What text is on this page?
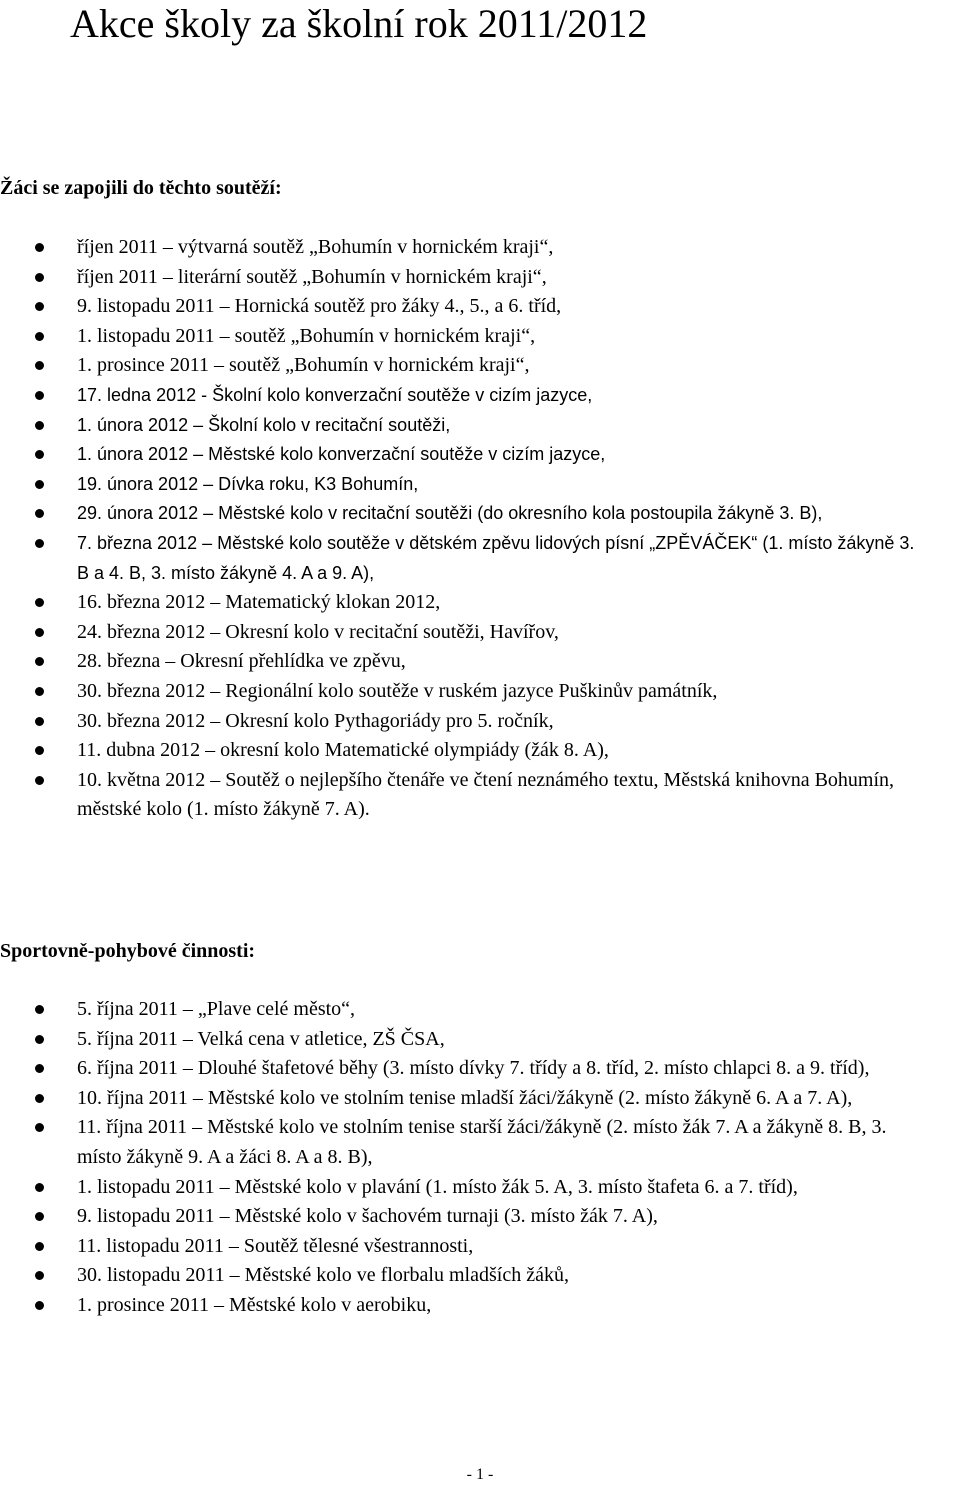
Akce školy za školní rok 2011/2012
Žáci se zapojili do těchto soutěží:
říjen 2011 – výtvarná soutěž „Bohumín v hornickém kraji“,
říjen 2011 – literární soutěž „Bohumín v hornickém kraji“,
9. listopadu 2011 – Hornická soutěž pro žáky 4., 5., a 6. tříd,
1. listopadu 2011 – soutěž „Bohumín v hornickém kraji“,
1. prosince 2011 – soutěž „Bohumín v hornickém kraji“,
17. ledna 2012 - Školní kolo konverzační soutěže v cizím jazyce,
1. února 2012 – Školní kolo v recitační soutěži,
1. února 2012 – Městské kolo konverzační soutěže v cizím jazyce,
19. února 2012 – Dívka roku, K3 Bohumín,
29. února 2012 – Městské kolo v recitační soutěži (do okresního kola postoupila žákyně 3. B),
7. března 2012 – Městské kolo soutěže v dětském zpěvu lidových písní „ZPĚVÁČEK“ (1. místo žákyně 3. B a 4. B, 3. místo žákyně 4. A a 9. A),
16. března 2012 – Matematický klokan 2012,
24. března 2012 – Okresní kolo v recitační soutěži, Havířov,
28. března – Okresní přehlídka ve zpěvu,
30. března 2012 – Regionální kolo soutěže v ruském jazyce Puškinův památník,
30. března 2012 – Okresní kolo Pythagoriády pro 5. ročník,
11. dubna 2012 – okresní kolo Matematické olympiády (žák 8. A),
10. května 2012 – Soutěž o nejlepšího čtenáře ve čtení neznámého textu, Městská knihovna Bohumín, městské kolo (1. místo žákyně 7. A).
Sportovně-pohybové činnosti:
5. října 2011 – „Plave celé město“,
5. října 2011 – Velká cena v atletice, ZŠ ČSA,
6. října 2011 – Dlouhé štafetové běhy (3. místo dívky 7. třídy a 8. tříd, 2. místo chlapci 8. a 9. tříd),
10. října 2011 – Městské kolo ve stolním tenise mladší žáci/žákyně (2. místo žákyně 6. A a 7. A),
11. října 2011 – Městské kolo ve stolním tenise starší žáci/žákyně (2. místo žák 7. A a žákyně 8. B, 3. místo žákyně 9. A a žáci 8. A a 8. B),
1. listopadu 2011 – Městské kolo v plavání (1. místo žák 5. A, 3. místo štafeta 6. a 7. tříd),
9. listopadu 2011 – Městské kolo v šachovém turnaji (3. místo žák 7. A),
11. listopadu 2011 – Soutěž tělesné všestrannosti,
30. listopadu 2011 – Městské kolo ve florbalu mladších žáků,
1. prosince 2011 – Městské kolo v aerobiku,
- 1 -
